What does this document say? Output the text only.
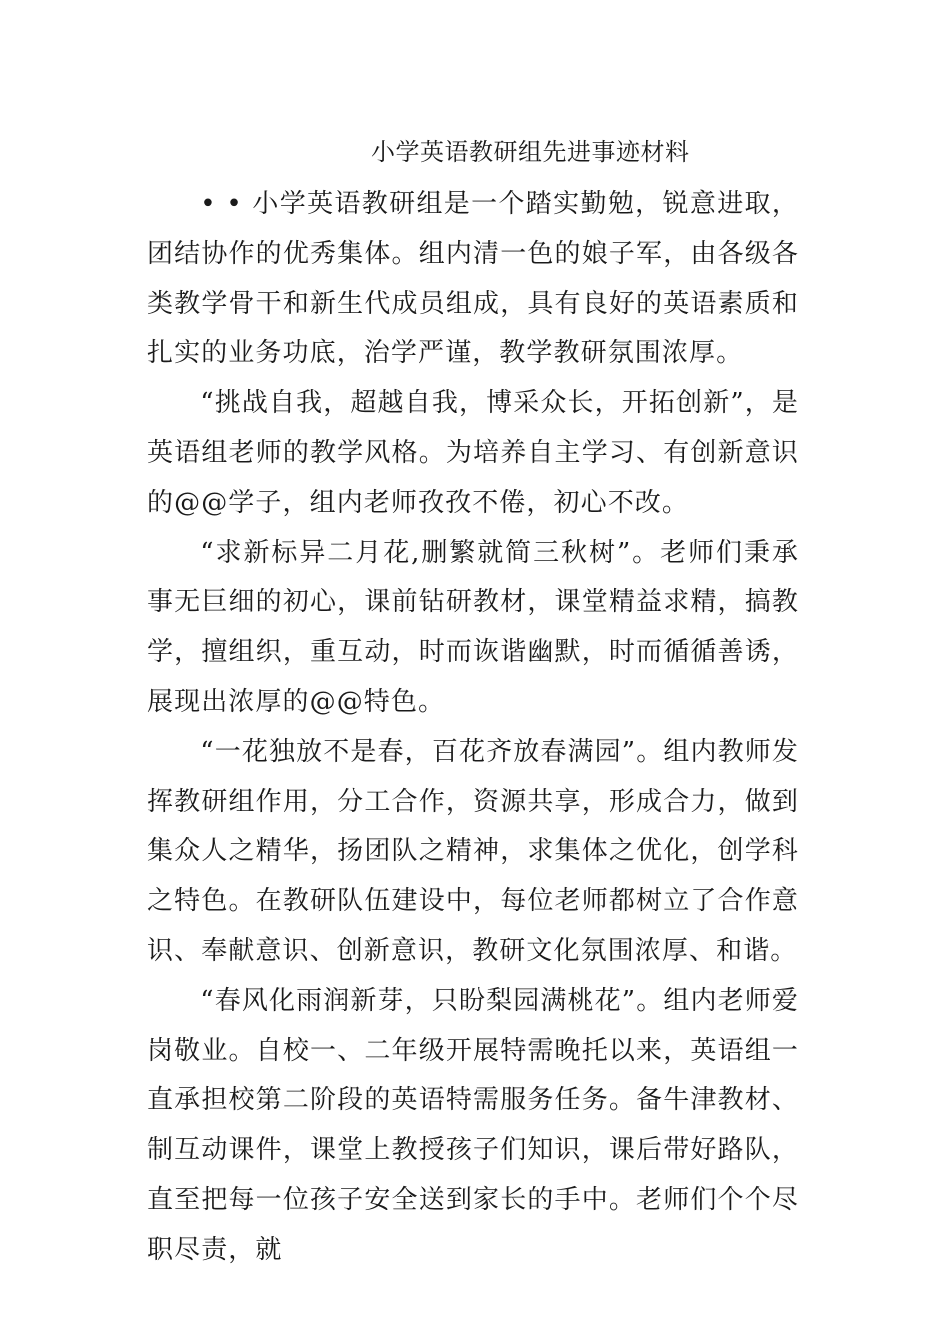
小学英语教研组先进事迹材料

• • 小学英语教研组是一个踏实勤勉，锐意进取，团结协作的优秀集体。组内清一色的娘子军，由各级各类教学骨干和新生代成员组成，具有良好的英语素质和扎实的业务功底，治学严谨，教学教研氛围浓厚。

“挑战自我，超越自我，博采众长，开拓创新”，是英语组老师的教学风格。为培养自主学习、有创新意识的@@学子，组内老师孜孜不倦，初心不改。

“求新标异二月花,删繁就简三秋树”。老师们秉承事无巨细的初心，课前钻研教材，课堂精益求精，搞教学，擅组织，重互动，时而诙谐幽默，时而循循善诱，展现出浓厚的@@特色。

“一花独放不是春，百花齐放春满园”。组内教师发挥教研组作用，分工合作，资源共享，形成合力，做到集众人之精华，扬团队之精神，求集体之优化，创学科之特色。在教研队伍建设中，每位老师都树立了合作意识、奉献意识、创新意识，教研文化氛围浓厚、和谐。

“春风化雨润新芽，只盼梨园满桃花”。组内老师爱岗敬业。自校一、二年级开展特需晚托以来，英语组一直承担校第二阶段的英语特需服务任务。备牛津教材、制互动课件，课堂上教授孩子们知识，课后带好路队，直至把每一位孩子安全送到家长的手中。老师们个个尽职尽责，就
